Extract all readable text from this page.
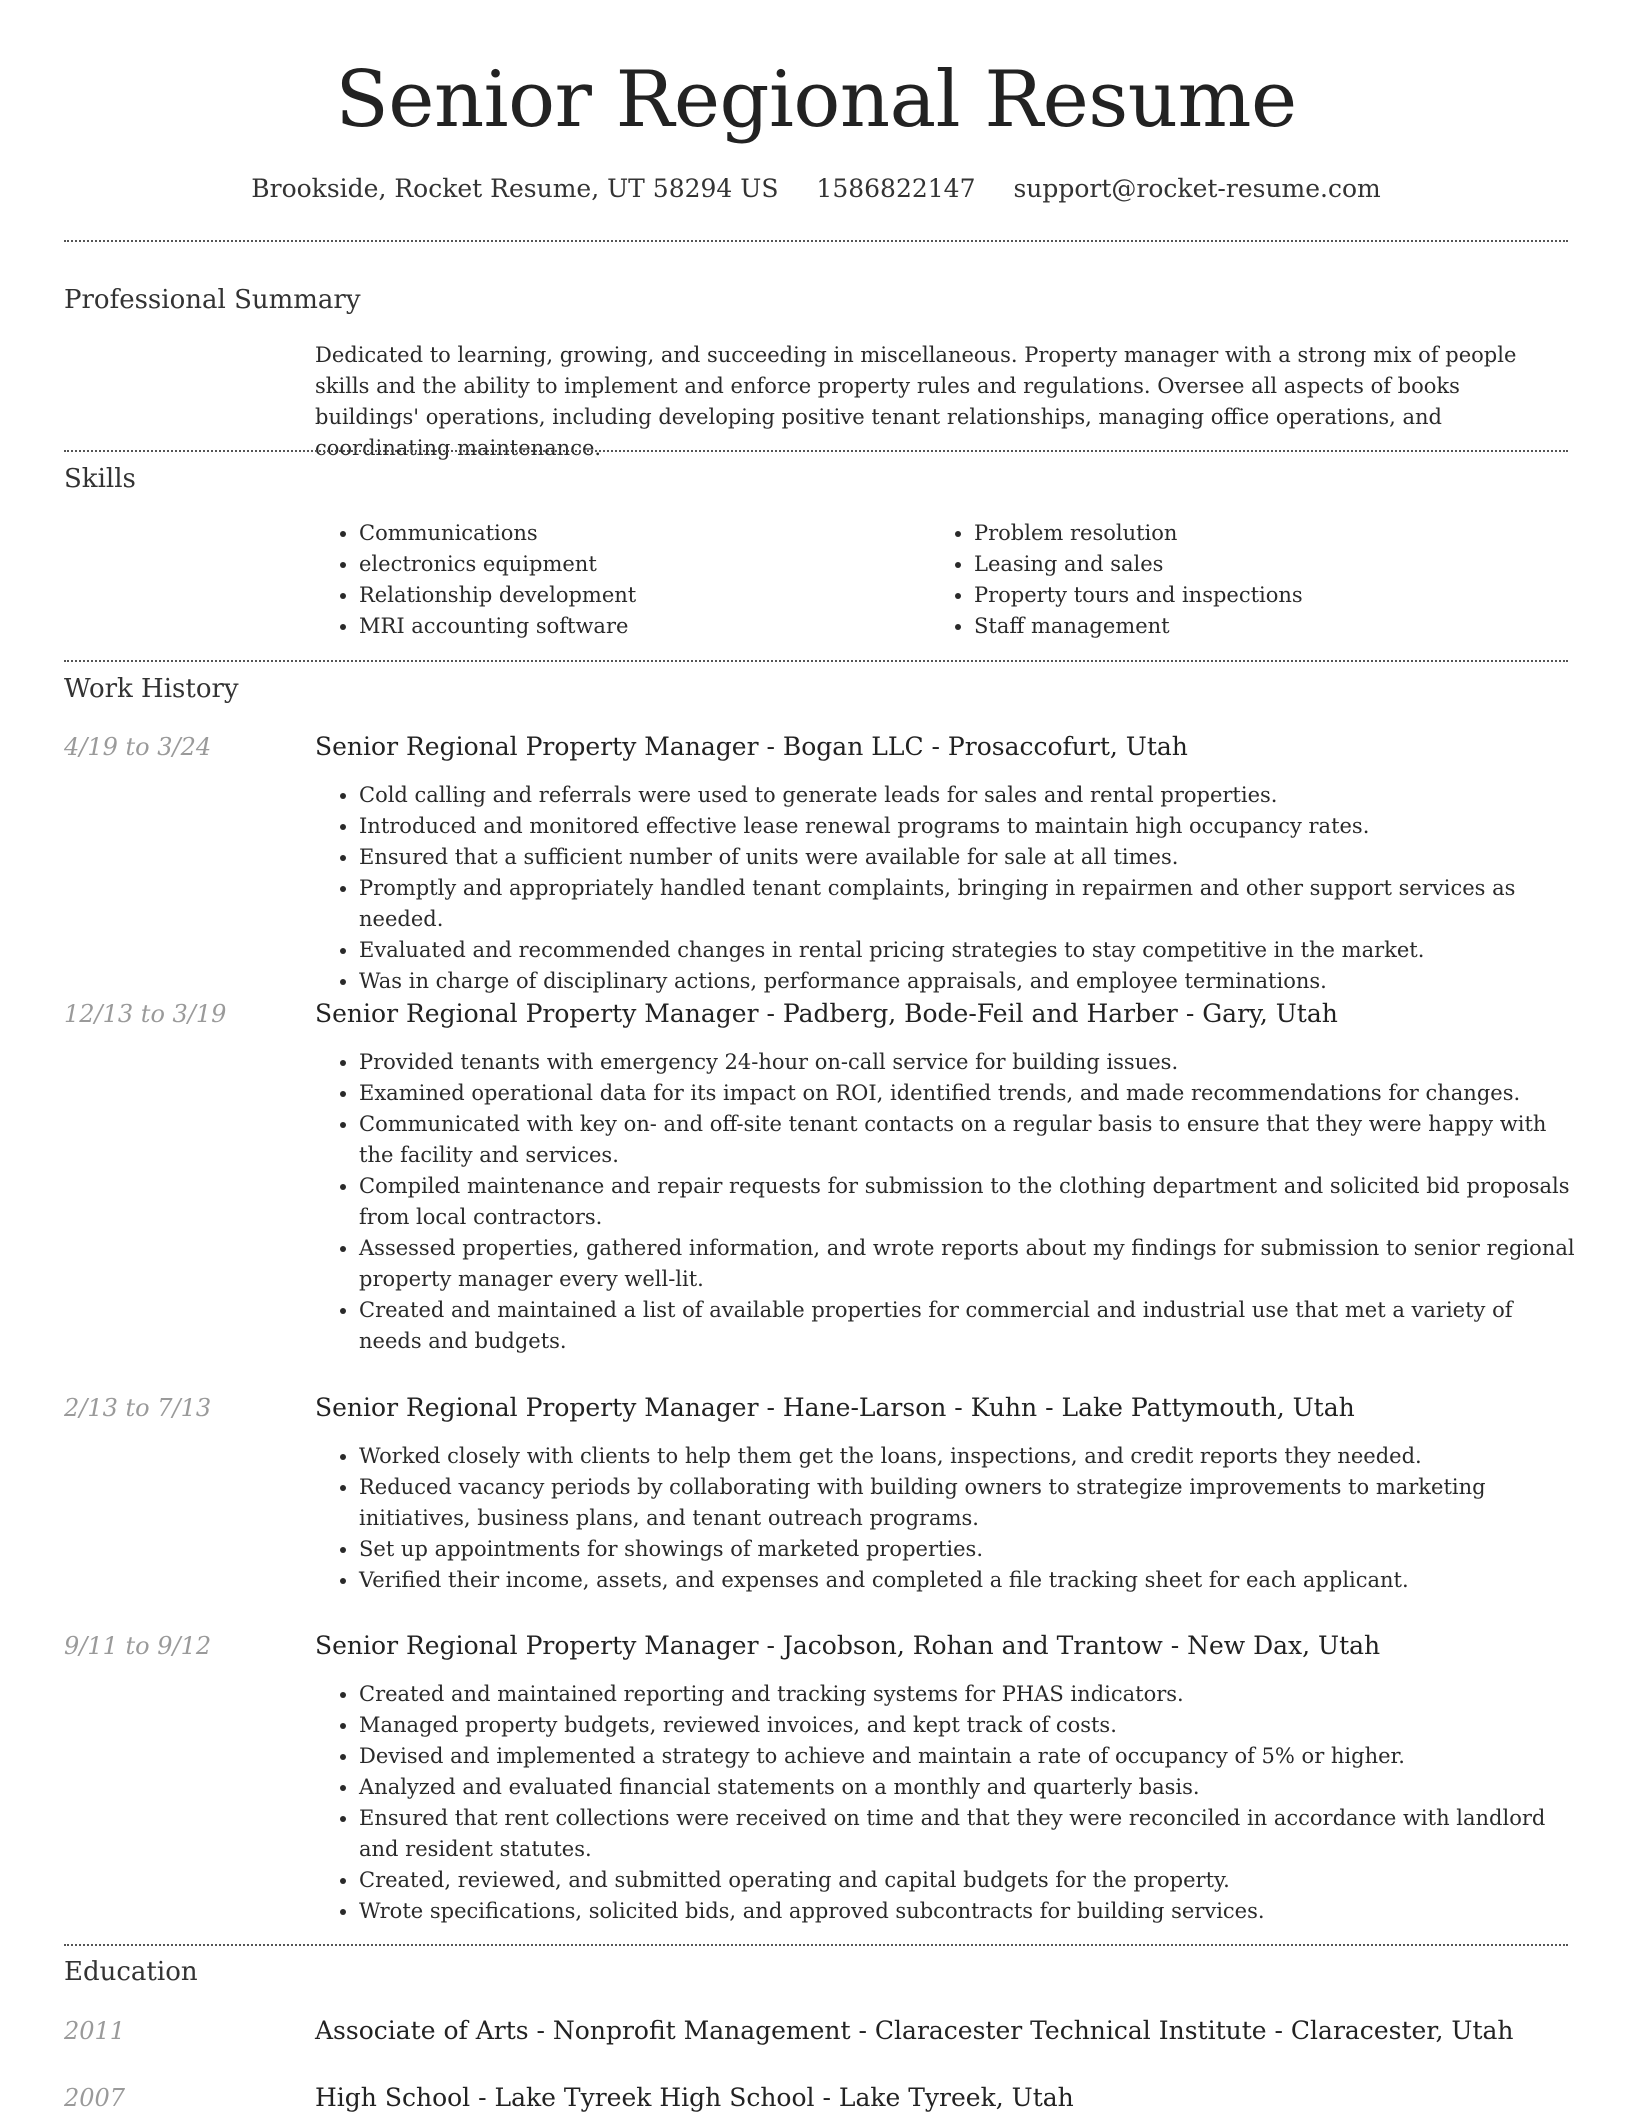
Senior Regional Resume
Brookside, Rocket Resume, UT 58294 US 1586822147 support@rocket-resume.com
Professional Summary

Dedicated to learning, growing, and succeeding in miscellaneous. Property manager with a strong mix of people skills and the ability to implement and enforce property rules and regulations. Oversee all aspects of books buildings' operations, including developing positive tenant relationships, managing office operations, and coordinating maintenance.

Skills
• Communications
• electronics equipment
• Relationship development
• MRI accounting software
• Problem resolution
• Leasing and sales
• Property tours and inspections
• Staff management
Work History
4/19 to 3/24	Senior Regional Property Manager - Bogan LLC - Prosaccofurt, Utah
• Cold calling and referrals were used to generate leads for sales and rental properties.
• Introduced and monitored effective lease renewal programs to maintain high occupancy rates.
• Ensured that a sufficient number of units were available for sale at all times.
• Promptly and appropriately handled tenant complaints, bringing in repairmen and other support services as needed.
• Evaluated and recommended changes in rental pricing strategies to stay competitive in the market.
• Was in charge of disciplinary actions, performance appraisals, and employee terminations.
12/13 to 3/19	Senior Regional Property Manager - Padberg, Bode-Feil and Harber - Gary, Utah
• Provided tenants with emergency 24-hour on-call service for building issues.
• Examined operational data for its impact on ROI, identified trends, and made recommendations for changes.
• Communicated with key on- and off-site tenant contacts on a regular basis to ensure that they were happy with the facility and services.
• Compiled maintenance and repair requests for submission to the clothing department and solicited bid proposals from local contractors.
• Assessed properties, gathered information, and wrote reports about my findings for submission to senior regional property manager every well-lit.
• Created and maintained a list of available properties for commercial and industrial use that met a variety of needs and budgets.
2/13 to 7/13	Senior Regional Property Manager - Hane-Larson - Kuhn - Lake Pattymouth, Utah
• Worked closely with clients to help them get the loans, inspections, and credit reports they needed.
• Reduced vacancy periods by collaborating with building owners to strategize improvements to marketing initiatives, business plans, and tenant outreach programs.
• Set up appointments for showings of marketed properties.
• Verified their income, assets, and expenses and completed a file tracking sheet for each applicant.
9/11 to 9/12	Senior Regional Property Manager - Jacobson, Rohan and Trantow - New Dax, Utah
• Created and maintained reporting and tracking systems for PHAS indicators.
• Managed property budgets, reviewed invoices, and kept track of costs.
• Devised and implemented a strategy to achieve and maintain a rate of occupancy of 5% or higher.
• Analyzed and evaluated financial statements on a monthly and quarterly basis.
• Ensured that rent collections were received on time and that they were reconciled in accordance with landlord and resident statutes.
• Created, reviewed, and submitted operating and capital budgets for the property.
• Wrote specifications, solicited bids, and approved subcontracts for building services.
Education
2011	Associate of Arts - Nonprofit Management - Claracester Technical Institute - Claracester, Utah
2007	High School - Lake Tyreek High School - Lake Tyreek, Utah
